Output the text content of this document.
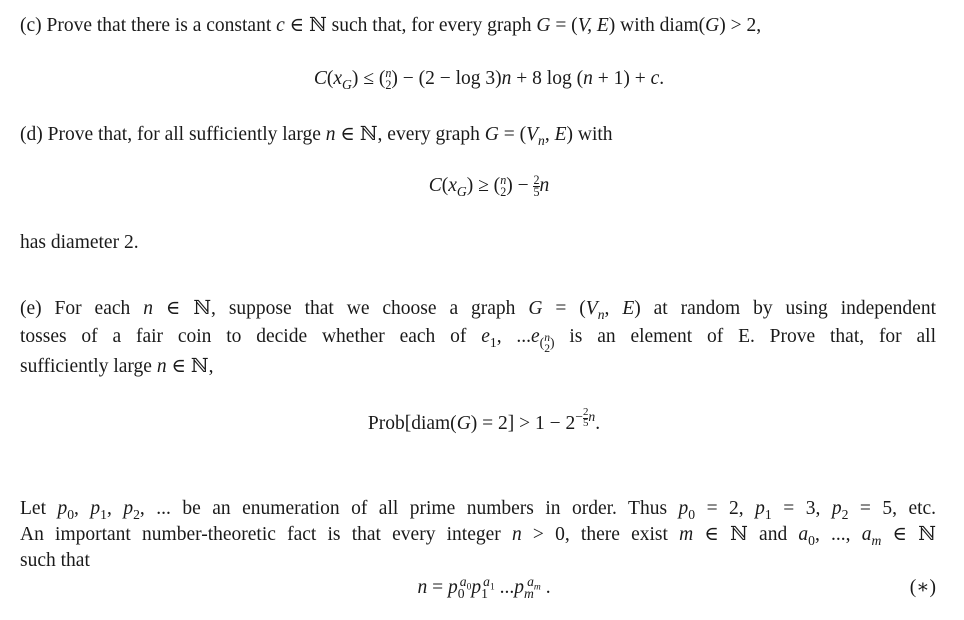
(c) Prove that there is a constant c ∈ ℕ such that, for every graph G = (V, E) with diam(G) > 2,
$C(x_G) \le (n$
2) − (2 − log 3)n + 8 log (n + 1) + c.
(d) Prove that, for all sufficiently large n ∈ ℕ, every graph $G = (V_n$, E) with
$C(x_G) \ge (n$
2) − 2
5n
has diameter 2.
(e) For each n ∈ ℕ, suppose that we choose a graph $G = (V_n$, E) at random by using independent
tosses of a fair coin to decide whether each of $e_1$, $...e_{(n 2)}$ is an element of E. Prove that, for all
sufficiently large n ∈ ℕ,
Prob[diam(G) = $2] > 1 - 2^{-2 5n}$.
Let $p_0$, $p_1$, $p_2$, ... be an enumeration of all prime numbers in order. Thus $p_0 = 2$, $p_1 = 3$, $p_2 = 5$, etc.
An important number-theoretic fact is that every integer n > 0, there exist m ∈ ℕ and $a_0$, ..., $a_m$ ∈ ℕ
such that
$n = p_0^{a_0}p_1^{a_1}$ $...p_m^{a_m}$ .	(∗)
